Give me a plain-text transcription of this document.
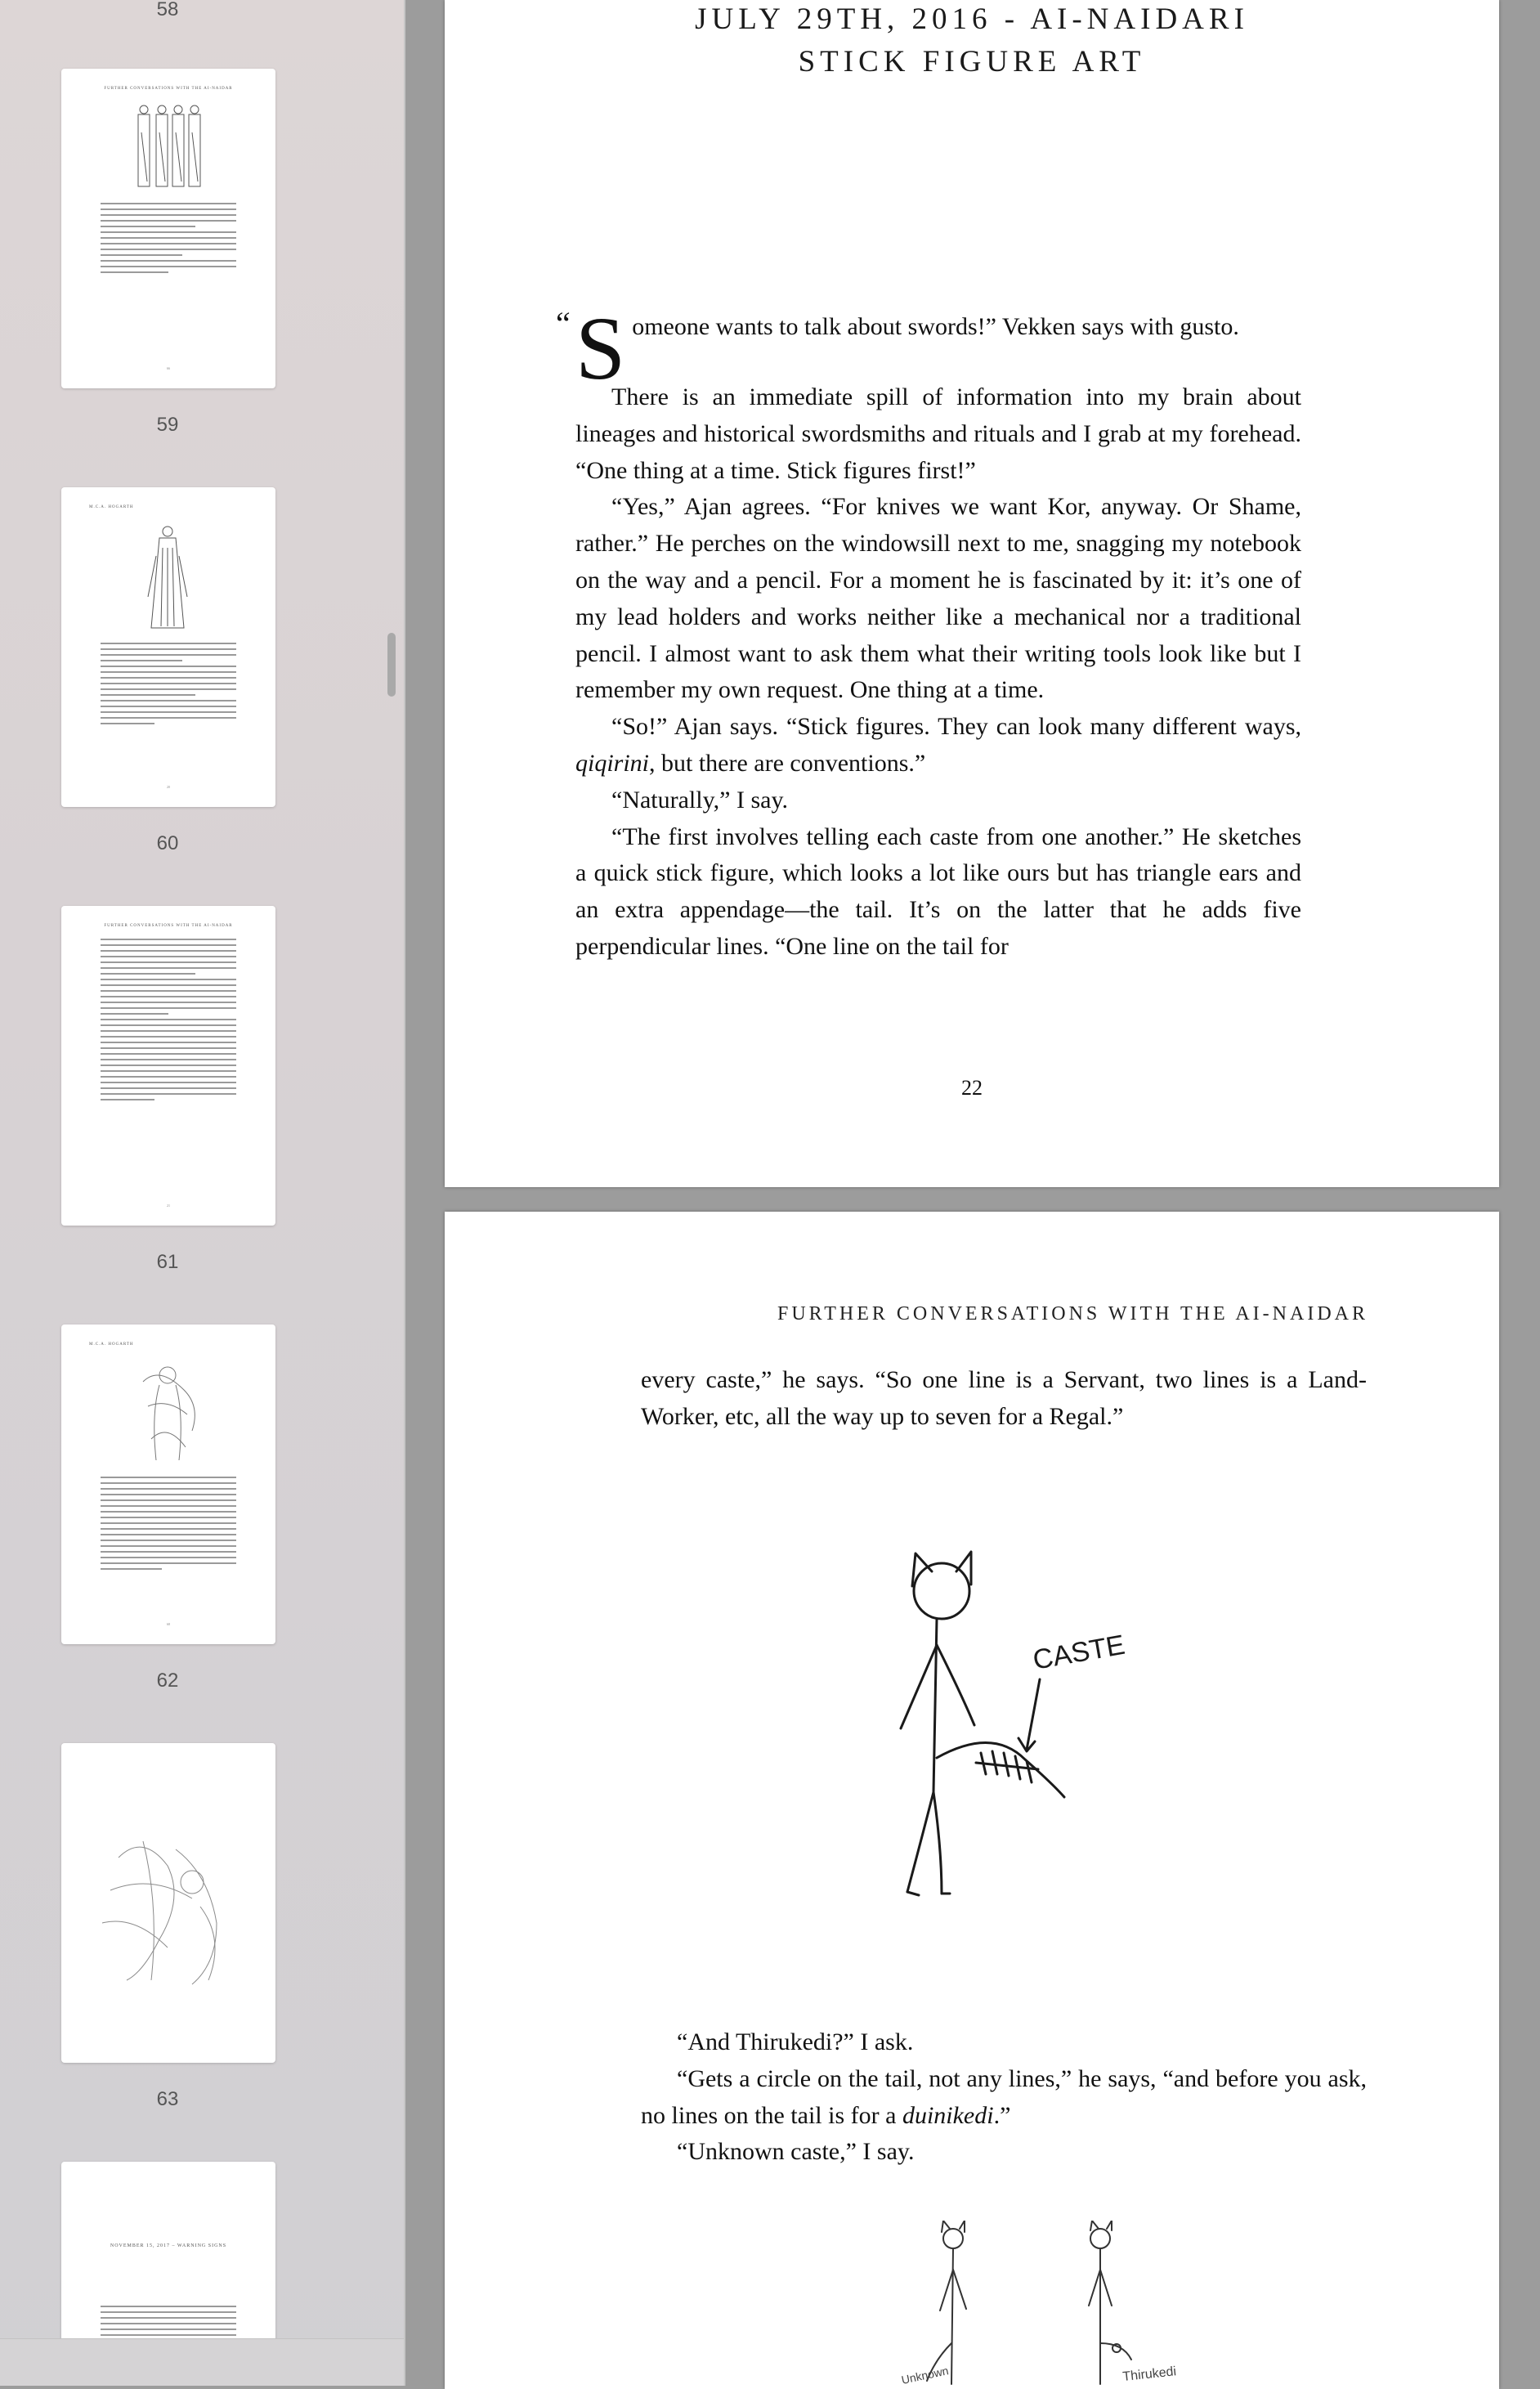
58
FURTHER CONVERSATIONS WITH THE AI-NAIDAR
66
59
M.C.A. HOGARTH
20
60
FURTHER CONVERSATIONS WITH THE AI-NAIDAR
21
61
M.C.A. HOGARTH
68
62
63
NOVEMBER 15, 2017 – WARNING SIGNS
JULY 29TH, 2016 - AI-NAIDARI
STICK FIGURE ART

“ S omeone wants to talk about swords!” Vekken says with gusto.

There is an immediate spill of information into my brain about lineages and historical swordsmiths and rituals and I grab at my forehead. “One thing at a time. Stick figures first!”

“Yes,” Ajan agrees. “For knives we want Kor, anyway. Or Shame, rather.” He perches on the windowsill next to me, snagging my notebook on the way and a pencil. For a moment he is fascinated by it: it’s one of my lead holders and works neither like a mechanical nor a traditional pencil. I almost want to ask them what their writing tools look like but I remember my own request. One thing at a time.

“So!” Ajan says. “Stick figures. They can look many different ways, qiqirini, but there are conventions.”

“Naturally,” I say.

“The first involves telling each caste from one another.” He sketches a quick stick figure, which looks a lot like ours but has triangle ears and an extra appendage—the tail. It’s on the latter that he adds five perpendicular lines. “One line on the tail for

22
FURTHER CONVERSATIONS WITH THE AI-NAIDAR

every caste,” he says. “So one line is a Servant, two lines is a Land-Worker, etc, all the way up to seven for a Regal.”

CASTE

“And Thirukedi?” I ask.

“Gets a circle on the tail, not any lines,” he says, “and before you ask, no lines on the tail is for a duinikedi.”

“Unknown caste,” I say.

Unknown	Thirukedi
